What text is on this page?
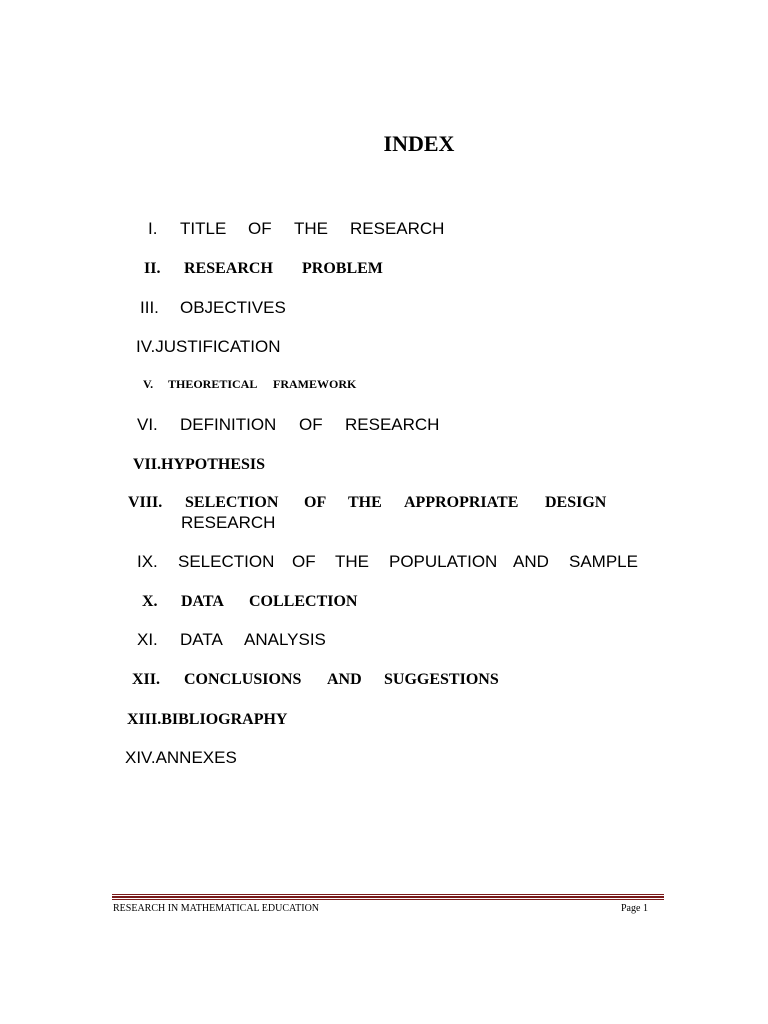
INDEX
I. TITLE OF THE RESEARCH
II. RESEARCH PROBLEM
III. OBJECTIVES
IV.JUSTIFICATION
V. THEORETICAL FRAMEWORK
VI. DEFINITION OF RESEARCH
VII.HYPOTHESIS
VIII. SELECTION OF THE APPROPRIATE DESIGN
RESEARCH
IX. SELECTION OF THE POPULATION AND SAMPLE
X. DATA COLLECTION
XI. DATA ANALYSIS
XII. CONCLUSIONS AND SUGGESTIONS
XIII.BIBLIOGRAPHY
XIV.ANNEXES
RESEARCH IN MATHEMATICAL EDUCATION	Page 1
